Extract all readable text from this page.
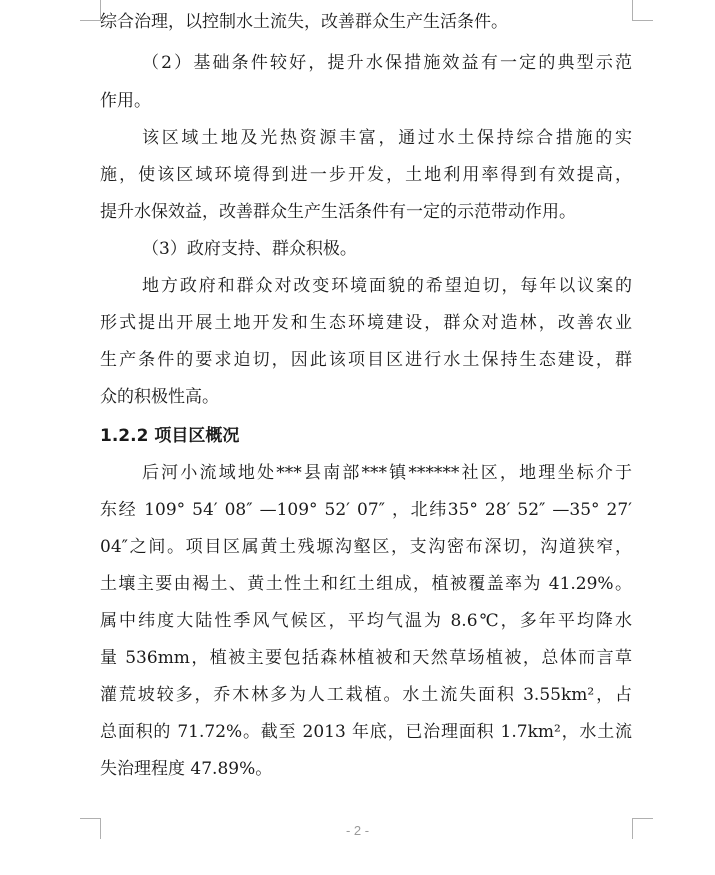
综合治理，以控制水土流失，改善群众生产生活条件。
（2）基础条件较好，提升水保措施效益有一定的典型示范
作用。
该区域土地及光热资源丰富，通过水土保持综合措施的实
施，使该区域环境得到进一步开发，土地利用率得到有效提高，
提升水保效益，改善群众生产生活条件有一定的示范带动作用。
（3）政府支持、群众积极。
地方政府和群众对改变环境面貌的希望迫切，每年以议案的
形式提出开展土地开发和生态环境建设，群众对造林，改善农业
生产条件的要求迫切，因此该项目区进行水土保持生态建设，群
众的积极性高。
1.2.2 项目区概况
后河小流域地处***县南部***镇******社区，地理坐标介于
东经 109° 54′ 08″ —109° 52′ 07″ ，北纬35° 28′ 52″ —35° 27′
04″之间。项目区属黄土残塬沟壑区，支沟密布深切，沟道狭窄，
土壤主要由褐土、黄土性土和红土组成，植被覆盖率为 41.29%。
属中纬度大陆性季风气候区，平均气温为 8.6℃，多年平均降水
量 536mm，植被主要包括森林植被和天然草场植被，总体而言草
灌荒坡较多，乔木林多为人工栽植。水土流失面积 3.55km²，占
总面积的 71.72%。截至 2013 年底，已治理面积 1.7km²，水土流
失治理程度 47.89%。
- 2 -
